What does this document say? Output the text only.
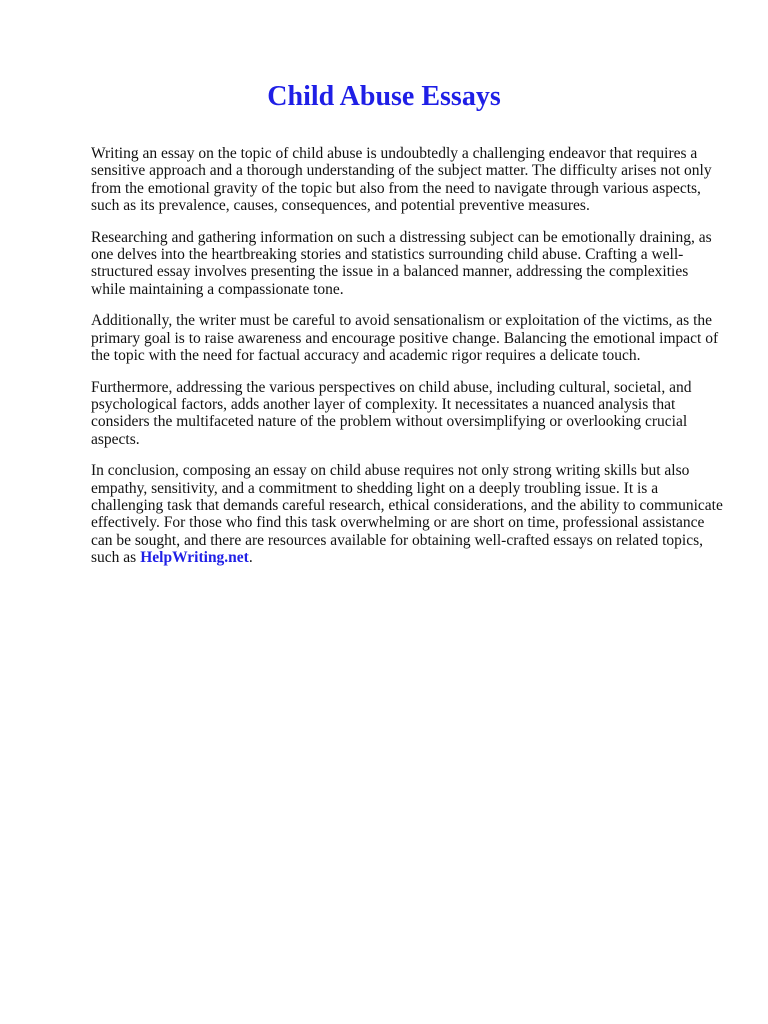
Child Abuse Essays

Writing an essay on the topic of child abuse is undoubtedly a challenging endeavor that requires a sensitive approach and a thorough understanding of the subject matter. The difficulty arises not only from the emotional gravity of the topic but also from the need to navigate through various aspects, such as its prevalence, causes, consequences, and potential preventive measures.

Researching and gathering information on such a distressing subject can be emotionally draining, as one delves into the heartbreaking stories and statistics surrounding child abuse. Crafting a well-structured essay involves presenting the issue in a balanced manner, addressing the complexities while maintaining a compassionate tone.

Additionally, the writer must be careful to avoid sensationalism or exploitation of the victims, as the primary goal is to raise awareness and encourage positive change. Balancing the emotional impact of the topic with the need for factual accuracy and academic rigor requires a delicate touch.

Furthermore, addressing the various perspectives on child abuse, including cultural, societal, and psychological factors, adds another layer of complexity. It necessitates a nuanced analysis that considers the multifaceted nature of the problem without oversimplifying or overlooking crucial aspects.

In conclusion, composing an essay on child abuse requires not only strong writing skills but also empathy, sensitivity, and a commitment to shedding light on a deeply troubling issue. It is a challenging task that demands careful research, ethical considerations, and the ability to communicate effectively. For those who find this task overwhelming or are short on time, professional assistance can be sought, and there are resources available for obtaining well-crafted essays on related topics, such as HelpWriting.net.
